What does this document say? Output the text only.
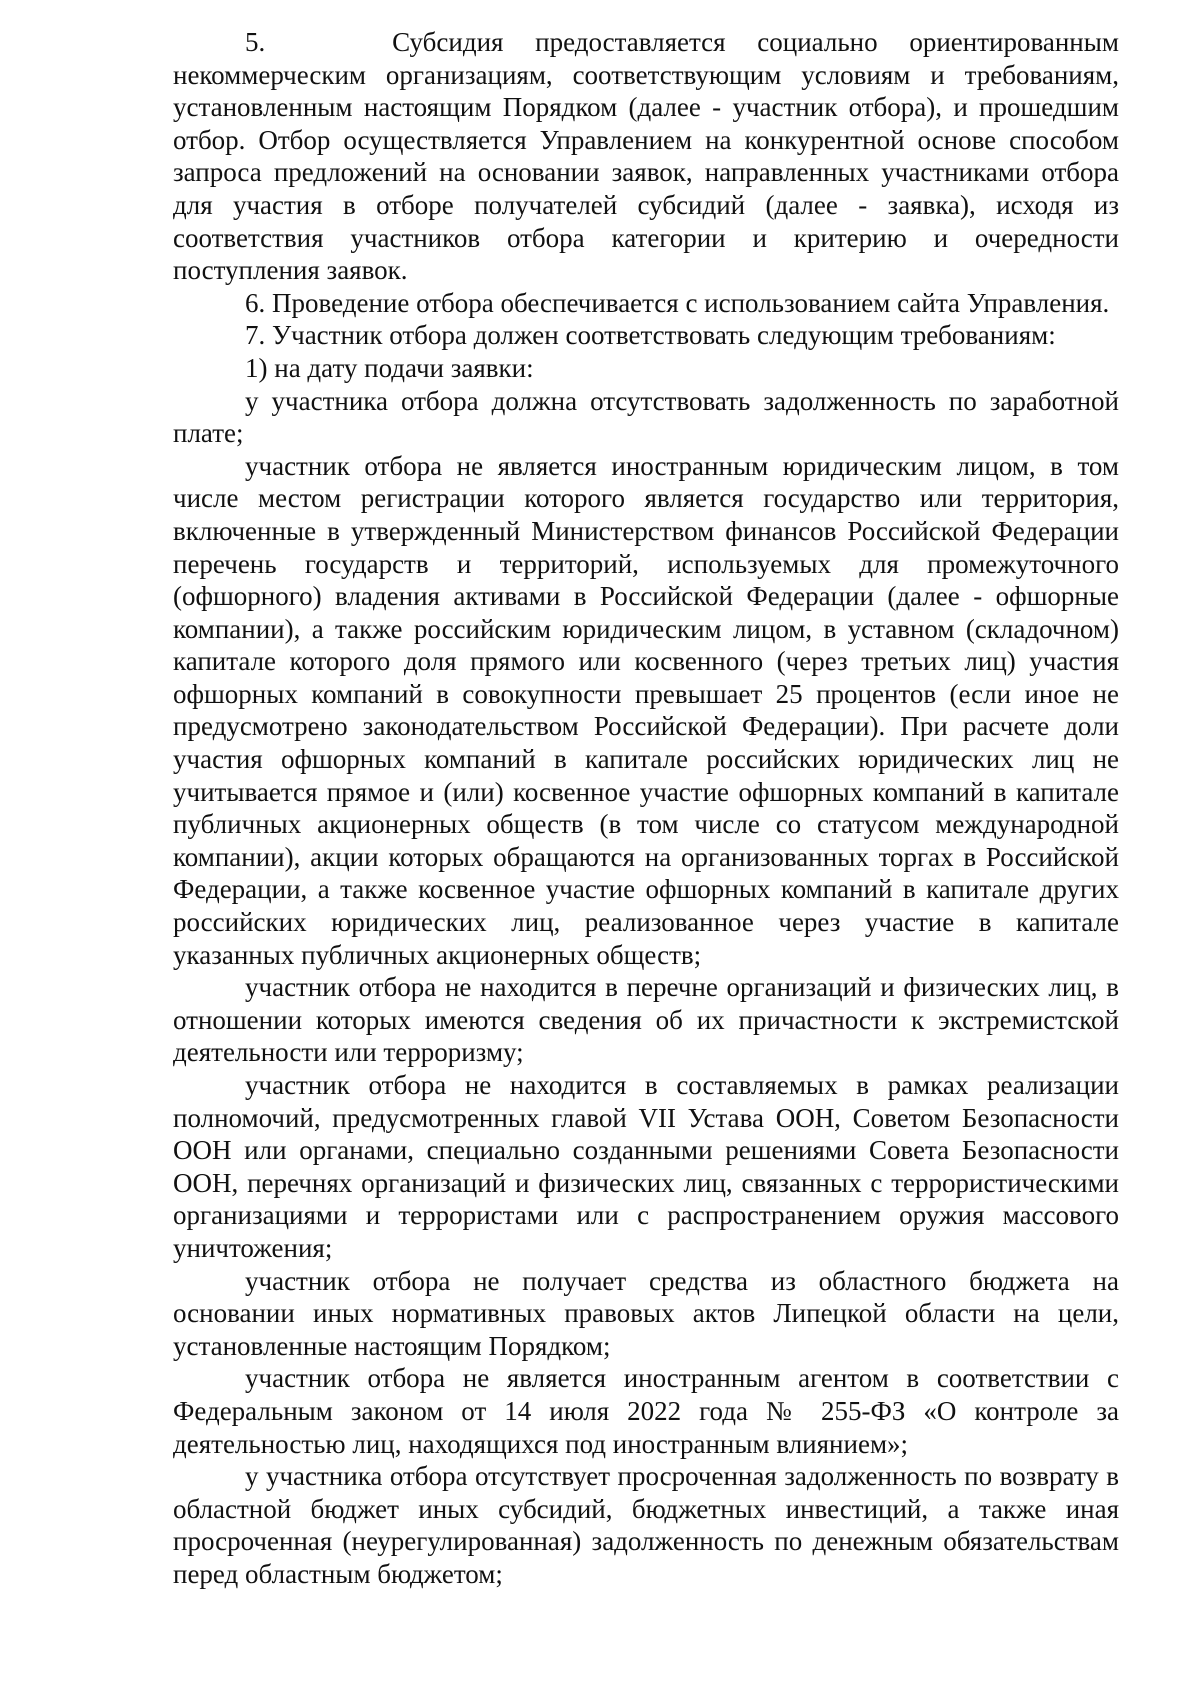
5.    Субсидия предоставляется социально ориентированным некоммерческим организациям, соответствующим условиям и требованиям, установленным настоящим Порядком (далее - участник отбора), и прошедшим отбор. Отбор осуществляется Управлением на конкурентной основе способом запроса предложений на основании заявок, направленных участниками отбора для участия в отборе получателей субсидий (далее - заявка), исходя из соответствия участников отбора категории и критерию и очередности поступления заявок.

6. Проведение отбора обеспечивается с использованием сайта Управления.

7. Участник отбора должен соответствовать следующим требованиям:

1) на дату подачи заявки:

у участника отбора должна отсутствовать задолженность по заработной плате;

участник отбора не является иностранным юридическим лицом, в том числе местом регистрации которого является государство или территория, включенные в утвержденный Министерством финансов Российской Федерации перечень государств и территорий, используемых для промежуточного (офшорного) владения активами в Российской Федерации (далее - офшорные компании), а также российским юридическим лицом, в уставном (складочном) капитале которого доля прямого или косвенного (через третьих лиц) участия офшорных компаний в совокупности превышает 25 процентов (если иное не предусмотрено законодательством Российской Федерации). При расчете доли участия офшорных компаний в капитале российских юридических лиц не учитывается прямое и (или) косвенное участие офшорных компаний в капитале публичных акционерных обществ (в том числе со статусом международной компании), акции которых обращаются на организованных торгах в Российской Федерации, а также косвенное участие офшорных компаний в капитале других российских юридических лиц, реализованное через участие в капитале указанных публичных акционерных обществ;

участник отбора не находится в перечне организаций и физических лиц, в отношении которых имеются сведения об их причастности к экстремистской деятельности или терроризму;

участник отбора не находится в составляемых в рамках реализации полномочий, предусмотренных главой VII Устава ООН, Советом Безопасности ООН или органами, специально созданными решениями Совета Безопасности ООН, перечнях организаций и физических лиц, связанных с террористическими организациями и террористами или с распространением оружия массового уничтожения;

участник отбора не получает средства из областного бюджета на основании иных нормативных правовых актов Липецкой области на цели, установленные настоящим Порядком;

участник отбора не является иностранным агентом в соответствии с Федеральным законом от 14 июля 2022 года № 255-ФЗ «О контроле за деятельностью лиц, находящихся под иностранным влиянием»;

у участника отбора отсутствует просроченная задолженность по возврату в областной бюджет иных субсидий, бюджетных инвестиций, а также иная просроченная (неурегулированная) задолженность по денежным обязательствам перед областным бюджетом;
